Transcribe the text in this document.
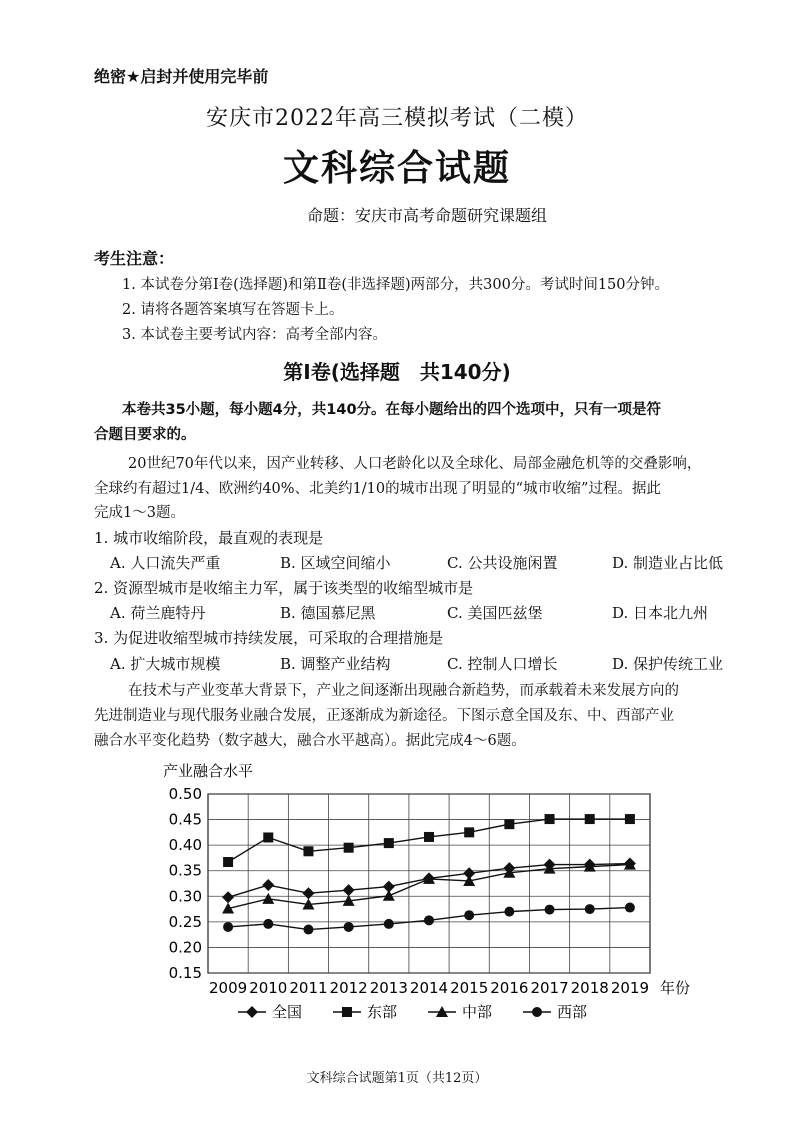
绝密★启封并使用完毕前
安庆市2022年高三模拟考试（二模）
文科综合试题
命题：安庆市高考命题研究课题组
考生注意：
1. 本试卷分第Ⅰ卷(选择题)和第Ⅱ卷(非选择题)两部分，共300分。考试时间150分钟。
2. 请将各题答案填写在答题卡上。
3. 本试卷主要考试内容：高考全部内容。
第Ⅰ卷(选择题　共140分)
本卷共35小题，每小题4分，共140分。在每小题给出的四个选项中，只有一项是符
合题目要求的。
20世纪70年代以来，因产业转移、人口老龄化以及全球化、局部金融危机等的交叠影响，
全球约有超过1/4、欧洲约40%、北美约1/10的城市出现了明显的“城市收缩”过程。据此
完成1～3题。
1. 城市收缩阶段，最直观的表现是
A. 人口流失严重	B. 区域空间缩小	C. 公共设施闲置	D. 制造业占比低
2. 资源型城市是收缩主力军，属于该类型的收缩型城市是
A. 荷兰鹿特丹	B. 德国慕尼黑	C. 美国匹兹堡	D. 日本北九州
3. 为促进收缩型城市持续发展，可采取的合理措施是
A. 扩大城市规模	B. 调整产业结构	C. 控制人口增长	D. 保护传统工业
在技术与产业变革大背景下，产业之间逐渐出现融合新趋势，而承载着未来发展方向的
先进制造业与现代服务业融合发展，正逐渐成为新途径。下图示意全国及东、中、西部产业
融合水平变化趋势（数字越大，融合水平越高）。据此完成4～6题。
产业融合水平
0.50
0.45
0.40
0.35
0.30
0.25
0.20
0.15
2009 2010 2011 2012 2013 2014 2015 2016 2017 2018 2019 年份
全国	东部	中部	西部
文科综合试题第1页（共12页）
